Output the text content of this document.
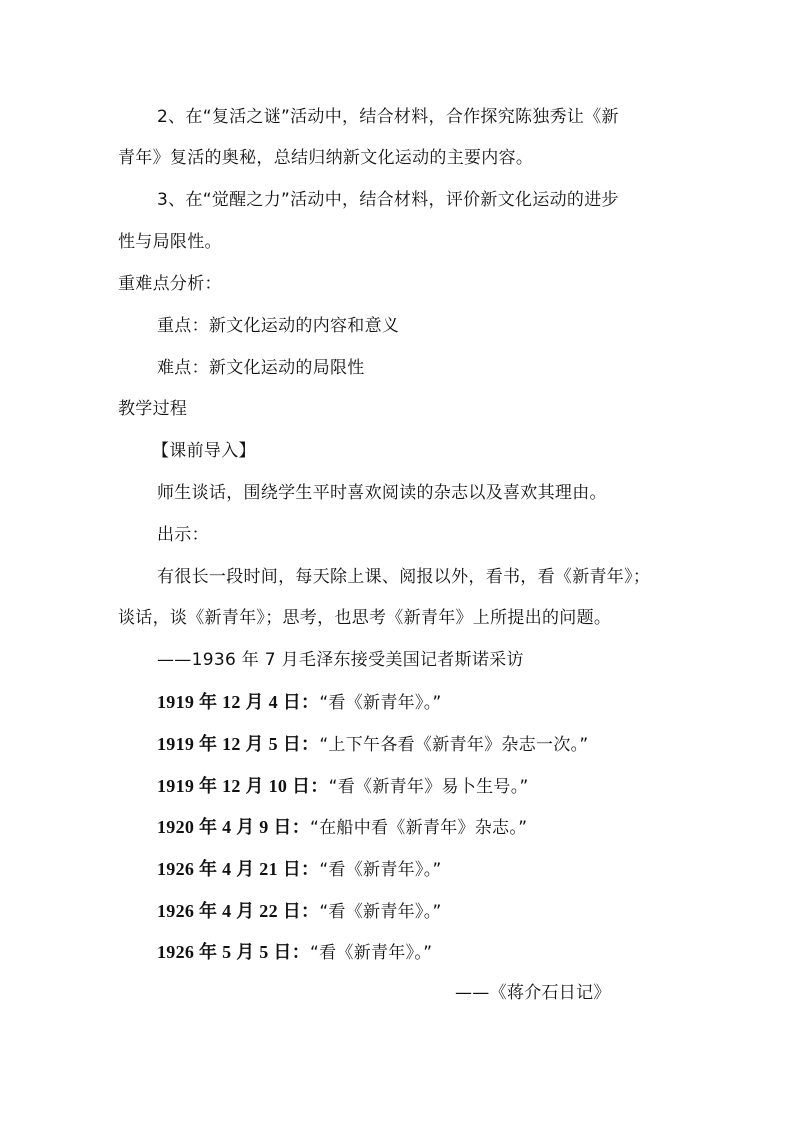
2、在“复活之谜”活动中，结合材料，合作探究陈独秀让《新
青年》复活的奥秘，总结归纳新文化运动的主要内容。
3、在“觉醒之力”活动中，结合材料，评价新文化运动的进步
性与局限性。
重难点分析：
重点：新文化运动的内容和意义
难点：新文化运动的局限性
教学过程
【课前导入】
师生谈话，围绕学生平时喜欢阅读的杂志以及喜欢其理由。
出示：
有很长一段时间，每天除上课、阅报以外，看书，看《新青年》；
谈话，谈《新青年》；思考，也思考《新青年》上所提出的问题。
——1936 年 7 月毛泽东接受美国记者斯诺采访
1919 年 12 月 4 日：“看《新青年》。”
1919 年 12 月 5 日：“上下午各看《新青年》杂志一次。”
1919 年 12 月 10 日：“看《新青年》易卜生号。”
1920 年 4 月 9 日：“在船中看《新青年》杂志。”
1926 年 4 月 21 日：“看《新青年》。”
1926 年 4 月 22 日：“看《新青年》。”
1926 年 5 月 5 日：“看《新青年》。”
——《蒋介石日记》
